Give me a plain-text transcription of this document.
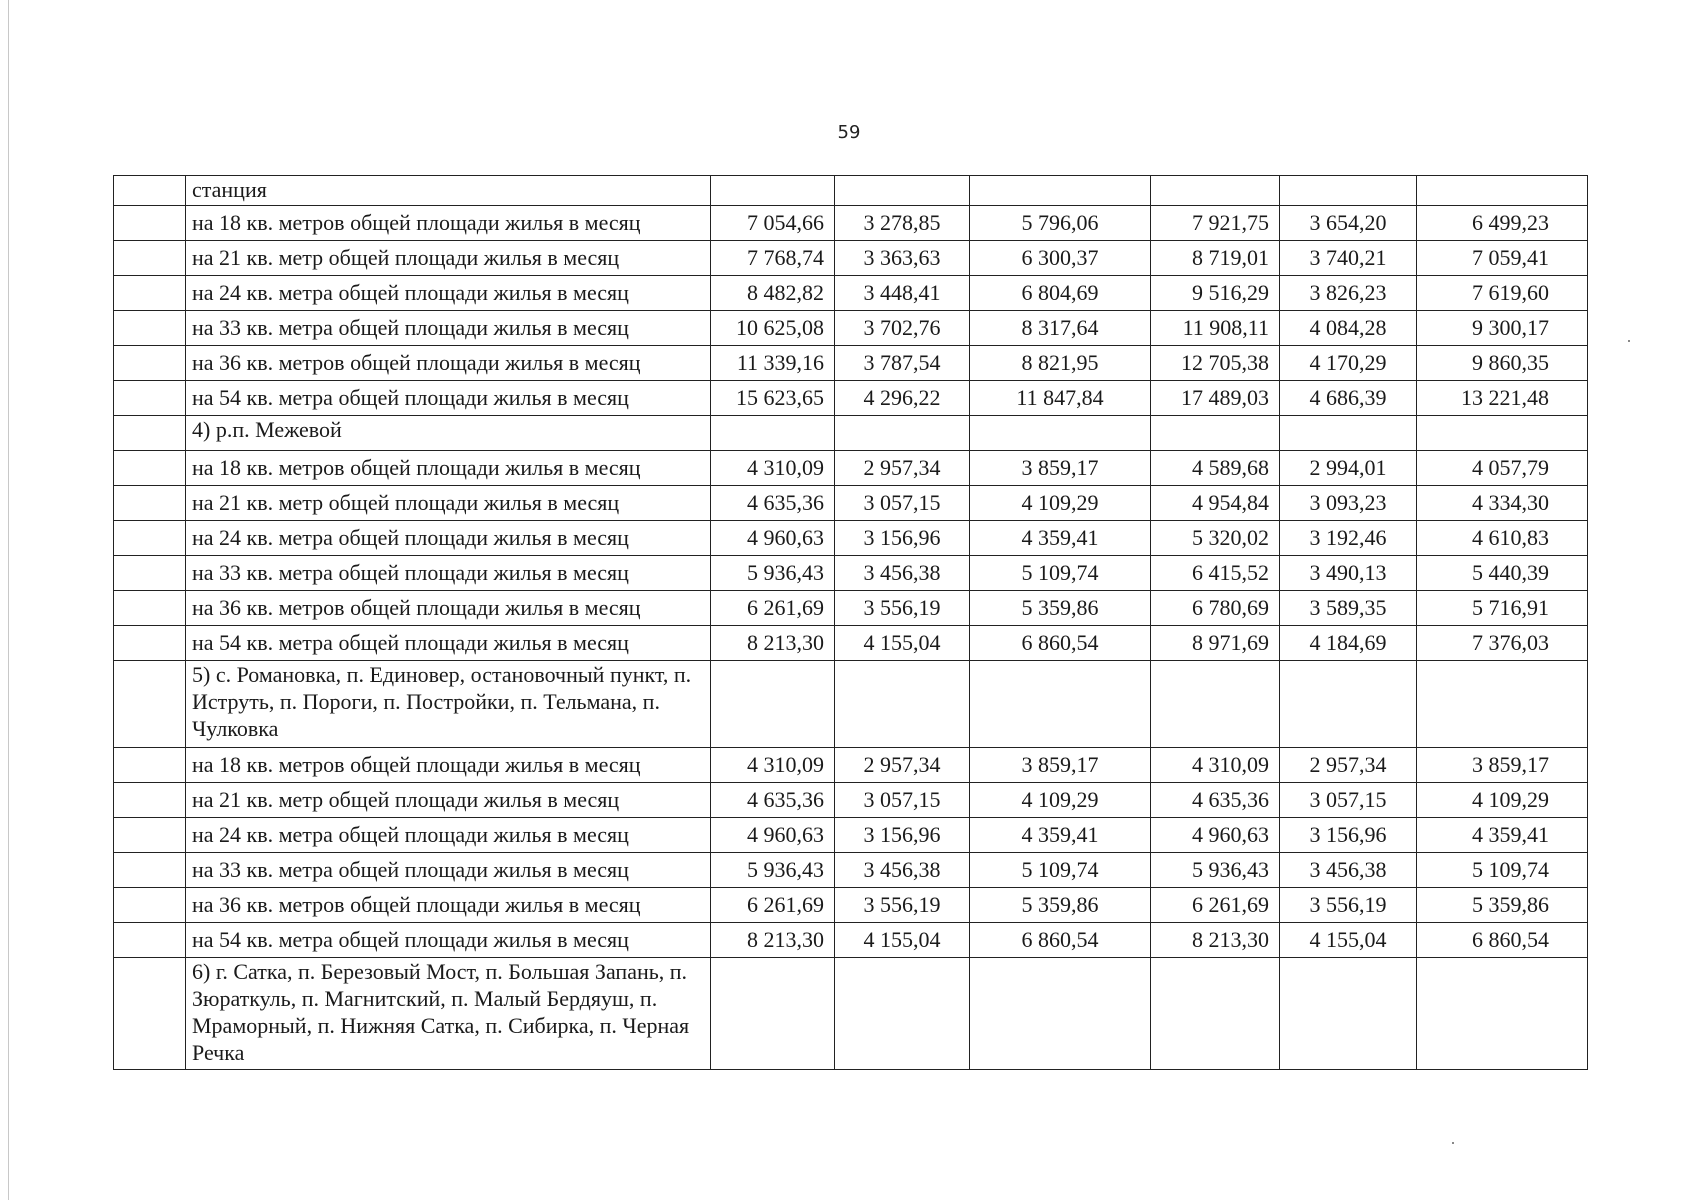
59
	станция						
	на 18 кв. метров общей площади жилья в месяц	7 054,66	3 278,85	5 796,06	7 921,75	3 654,20	6 499,23
	на 21 кв. метр общей площади жилья в месяц	7 768,74	3 363,63	6 300,37	8 719,01	3 740,21	7 059,41
	на 24 кв. метра общей площади жилья в месяц	8 482,82	3 448,41	6 804,69	9 516,29	3 826,23	7 619,60
	на 33 кв. метра общей площади жилья в месяц	10 625,08	3 702,76	8 317,64	11 908,11	4 084,28	9 300,17
	на 36 кв. метров общей площади жилья в месяц	11 339,16	3 787,54	8 821,95	12 705,38	4 170,29	9 860,35
	на 54 кв. метра общей площади жилья в месяц	15 623,65	4 296,22	11 847,84	17 489,03	4 686,39	13 221,48
	4) р.п. Межевой						
	на 18 кв. метров общей площади жилья в месяц	4 310,09	2 957,34	3 859,17	4 589,68	2 994,01	4 057,79
	на 21 кв. метр общей площади жилья в месяц	4 635,36	3 057,15	4 109,29	4 954,84	3 093,23	4 334,30
	на 24 кв. метра общей площади жилья в месяц	4 960,63	3 156,96	4 359,41	5 320,02	3 192,46	4 610,83
	на 33 кв. метра общей площади жилья в месяц	5 936,43	3 456,38	5 109,74	6 415,52	3 490,13	5 440,39
	на 36 кв. метров общей площади жилья в месяц	6 261,69	3 556,19	5 359,86	6 780,69	3 589,35	5 716,91
	на 54 кв. метра общей площади жилья в месяц	8 213,30	4 155,04	6 860,54	8 971,69	4 184,69	7 376,03
	5) с. Романовка, п. Единовер, остановочный пункт, п. Иструть, п. Пороги, п. Постройки, п. Тельмана, п. Чулковка						
	на 18 кв. метров общей площади жилья в месяц	4 310,09	2 957,34	3 859,17	4 310,09	2 957,34	3 859,17
	на 21 кв. метр общей площади жилья в месяц	4 635,36	3 057,15	4 109,29	4 635,36	3 057,15	4 109,29
	на 24 кв. метра общей площади жилья в месяц	4 960,63	3 156,96	4 359,41	4 960,63	3 156,96	4 359,41
	на 33 кв. метра общей площади жилья в месяц	5 936,43	3 456,38	5 109,74	5 936,43	3 456,38	5 109,74
	на 36 кв. метров общей площади жилья в месяц	6 261,69	3 556,19	5 359,86	6 261,69	3 556,19	5 359,86
	на 54 кв. метра общей площади жилья в месяц	8 213,30	4 155,04	6 860,54	8 213,30	4 155,04	6 860,54
	6) г. Сатка, п. Березовый Мост, п. Большая Запань, п. Зюраткуль, п. Магнитский, п. Малый Бердяуш, п. Мраморный, п. Нижняя Сатка, п. Сибирка, п. Черная Речка						
